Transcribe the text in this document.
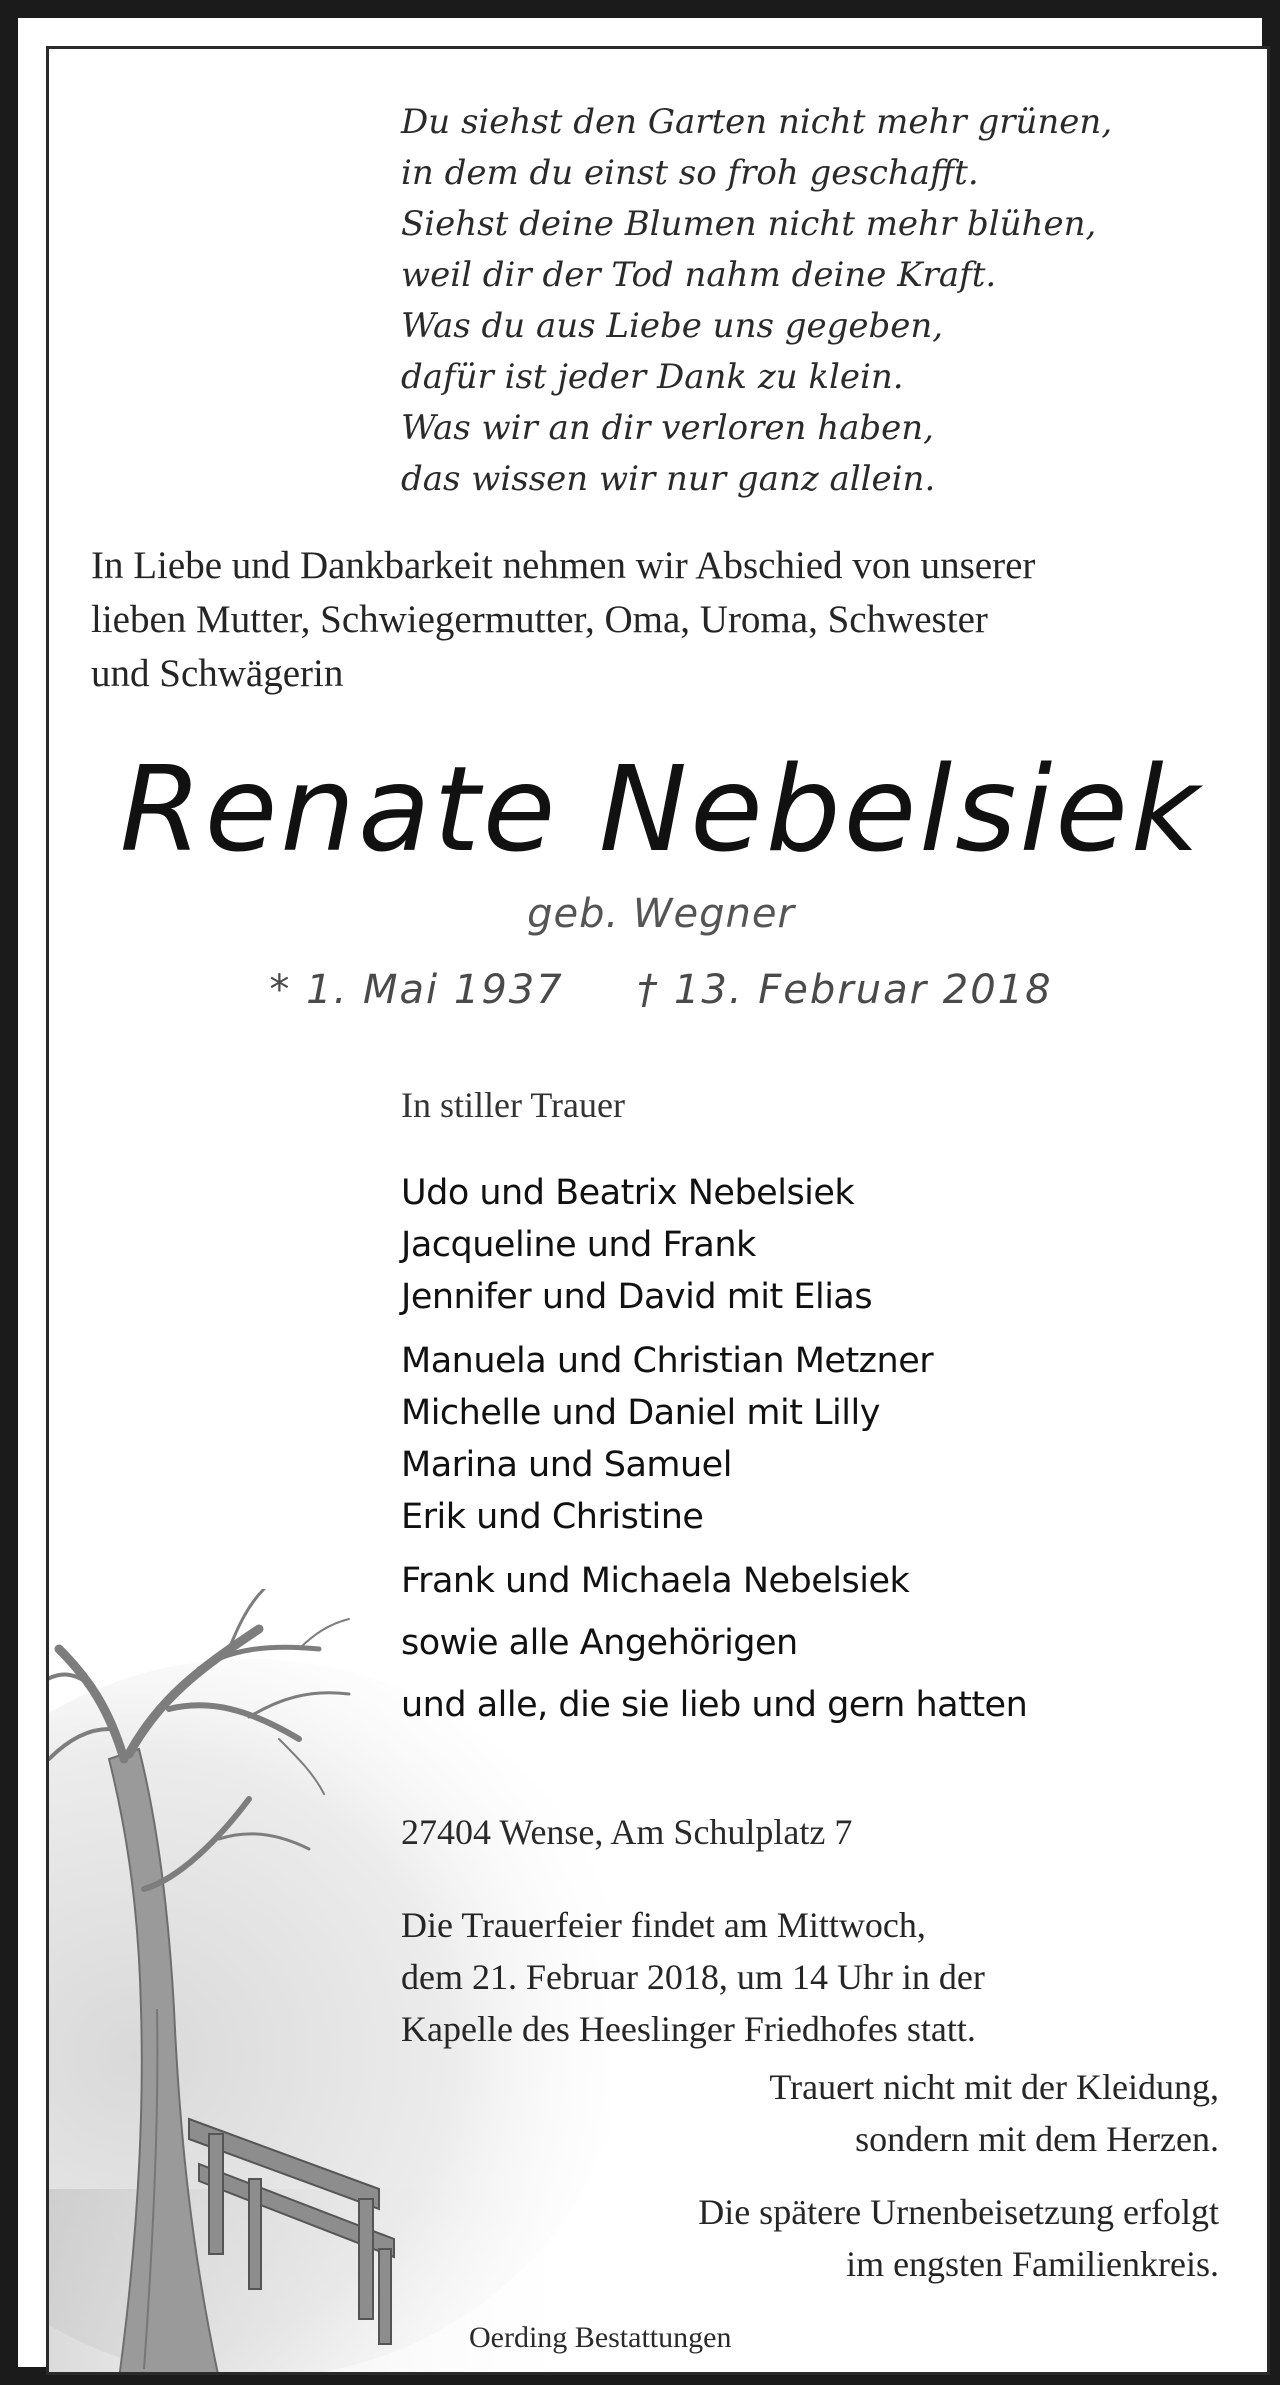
Du siehst den Garten nicht mehr grünen,
in dem du einst so froh geschafft.
Siehst deine Blumen nicht mehr blühen,
weil dir der Tod nahm deine Kraft.
Was du aus Liebe uns gegeben,
dafür ist jeder Dank zu klein.
Was wir an dir verloren haben,
das wissen wir nur ganz allein.
In Liebe und Dankbarkeit nehmen wir Abschied von unserer
lieben Mutter, Schwiegermutter, Oma, Uroma, Schwester
und Schwägerin
Renate Nebelsiek
geb. Wegner
* 1. Mai 1937 † 13. Februar 2018
In stiller Trauer
Udo und Beatrix Nebelsiek
Jacqueline und Frank
Jennifer und David mit Elias
Manuela und Christian Metzner
Michelle und Daniel mit Lilly
Marina und Samuel
Erik und Christine
Frank und Michaela Nebelsiek
sowie alle Angehörigen
und alle, die sie lieb und gern hatten
27404 Wense, Am Schulplatz 7
Die Trauerfeier findet am Mittwoch,
dem 21. Februar 2018, um 14 Uhr in der
Kapelle des Heeslinger Friedhofes statt.
Trauert nicht mit der Kleidung,
sondern mit dem Herzen.
Die spätere Urnenbeisetzung erfolgt
im engsten Familienkreis.
Oerding Bestattungen
